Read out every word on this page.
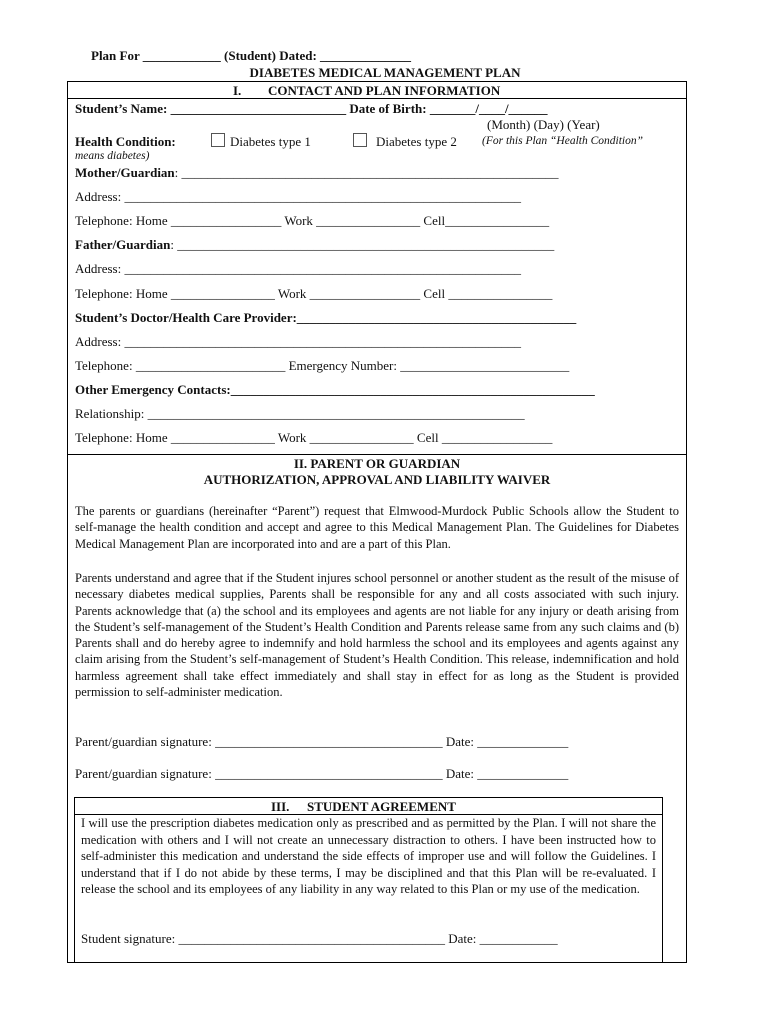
Plan For ____________ (Student) Dated: ______________
DIABETES MEDICAL MANAGEMENT PLAN
I. CONTACT AND PLAN INFORMATION
Student’s Name: ___________________________ Date of Birth: _______/____/______
(Month) (Day) (Year)
Health Condition:	Diabetes type 1	Diabetes type 2 (For this Plan “Health Condition”
means diabetes)
Mother/Guardian: __________________________________________________________
Address: _____________________________________________________________
Telephone: Home _________________ Work ________________ Cell________________
Father/Guardian: __________________________________________________________
Address: _____________________________________________________________
Telephone: Home ________________ Work _________________ Cell ________________
Student’s Doctor/Health Care Provider:___________________________________________
Address: _____________________________________________________________
Telephone: _______________________ Emergency Number: __________________________
Other Emergency Contacts:________________________________________________________
Relationship: __________________________________________________________
Telephone: Home ________________ Work ________________ Cell _________________
II. PARENT OR GUARDIAN
AUTHORIZATION, APPROVAL AND LIABILITY WAIVER
The parents or guardians (hereinafter “Parent”) request that Elmwood-Murdock Public Schools allow the Student to self-manage the health condition and accept and agree to this Medical Management Plan. The Guidelines for Diabetes Medical Management Plan are incorporated into and are a part of this Plan.
Parents understand and agree that if the Student injures school personnel or another student as the result of the misuse of necessary diabetes medical supplies, Parents shall be responsible for any and all costs associated with such injury. Parents acknowledge that (a) the school and its employees and agents are not liable for any injury or death arising from the Student’s self-management of the Student’s Health Condition and Parents release same from any such claims and (b) Parents shall and do hereby agree to indemnify and hold harmless the school and its employees and agents against any claim arising from the Student’s self-management of Student’s Health Condition. This release, indemnification and hold harmless agreement shall take effect immediately and shall stay in effect for as long as the Student is provided permission to self-administer medication.
Parent/guardian signature: ___________________________________ Date: ______________
Parent/guardian signature: ___________________________________ Date: ______________
III. STUDENT AGREEMENT
I will use the prescription diabetes medication only as prescribed and as permitted by the Plan. I will not share the medication with others and I will not create an unnecessary distraction to others. I have been instructed how to self-administer this medication and understand the side effects of improper use and will follow the Guidelines. I understand that if I do not abide by these terms, I may be disciplined and that this Plan will be re-evaluated. I release the school and its employees of any liability in any way related to this Plan or my use of the medication.
Student signature: _________________________________________ Date: ____________
